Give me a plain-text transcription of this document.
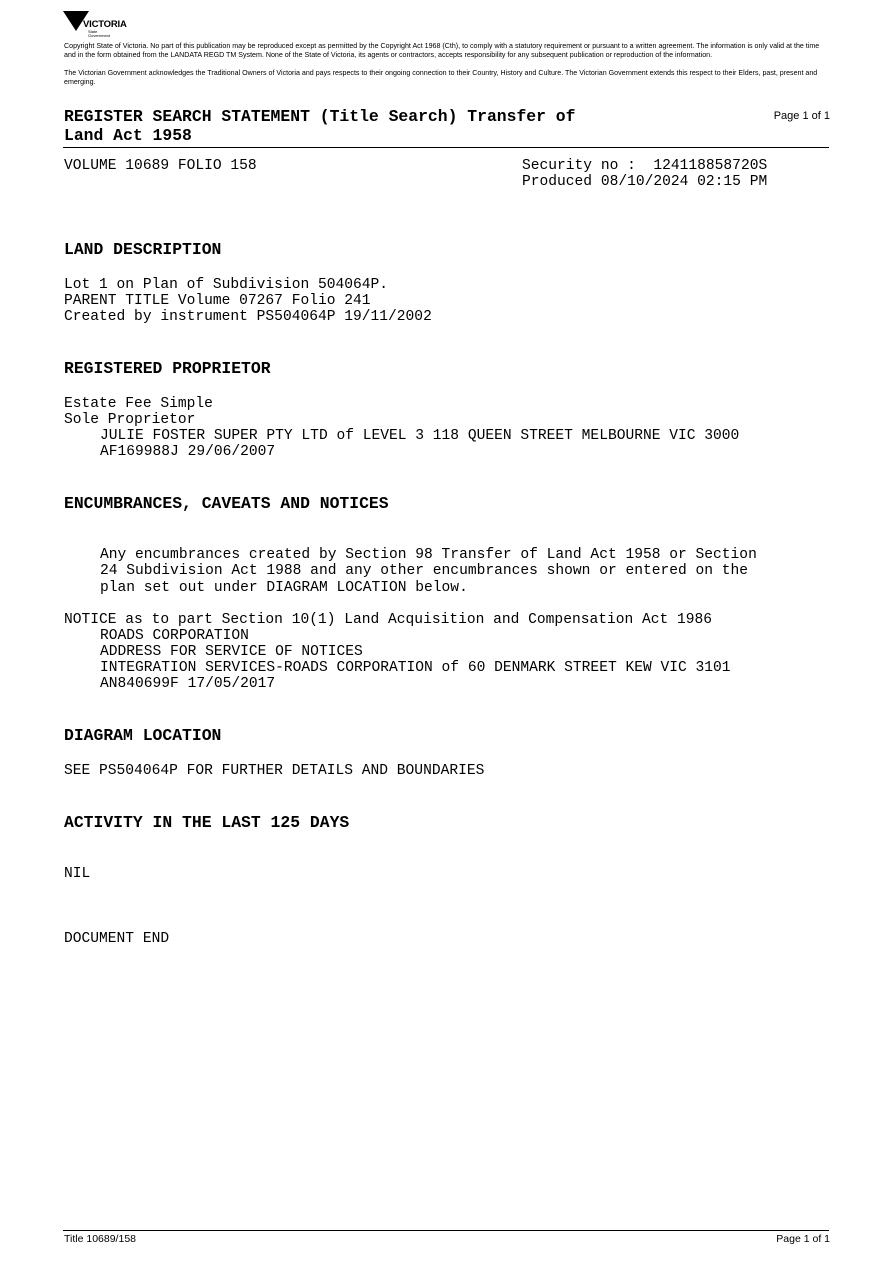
VICTORIA
State Government
Copyright State of Victoria. No part of this publication may be reproduced except as permitted by the Copyright Act 1968 (Cth), to comply with a statutory requirement or pursuant to a written agreement. The information is only valid at the time and in the form obtained from the LANDATA REGD TM System. None of the State of Victoria, its agents or contractors, accepts responsibility for any subsequent publication or reproduction of the information.
The Victorian Government acknowledges the Traditional Owners of Victoria and pays respects to their ongoing connection to their Country, History and Culture. The Victorian Government extends this respect to their Elders, past, present and emerging.
REGISTER SEARCH STATEMENT (Title Search) Transfer of
Land Act 1958
Page 1 of 1
VOLUME 10689 FOLIO 158	Security no :  124118858720S
Produced 08/10/2024 02:15 PM
LAND DESCRIPTION
Lot 1 on Plan of Subdivision 504064P.
PARENT TITLE Volume 07267 Folio 241
Created by instrument PS504064P 19/11/2002
REGISTERED PROPRIETOR
Estate Fee Simple
Sole Proprietor
JULIE FOSTER SUPER PTY LTD of LEVEL 3 118 QUEEN STREET MELBOURNE VIC 3000
AF169988J 29/06/2007
ENCUMBRANCES, CAVEATS AND NOTICES
Any encumbrances created by Section 98 Transfer of Land Act 1958 or Section
24 Subdivision Act 1988 and any other encumbrances shown or entered on the
plan set out under DIAGRAM LOCATION below.
NOTICE as to part Section 10(1) Land Acquisition and Compensation Act 1986
ROADS CORPORATION
ADDRESS FOR SERVICE OF NOTICES
INTEGRATION SERVICES-ROADS CORPORATION of 60 DENMARK STREET KEW VIC 3101
AN840699F 17/05/2017
DIAGRAM LOCATION
SEE PS504064P FOR FURTHER DETAILS AND BOUNDARIES
ACTIVITY IN THE LAST 125 DAYS
NIL
DOCUMENT END
Title 10689/158	Page 1 of 1
